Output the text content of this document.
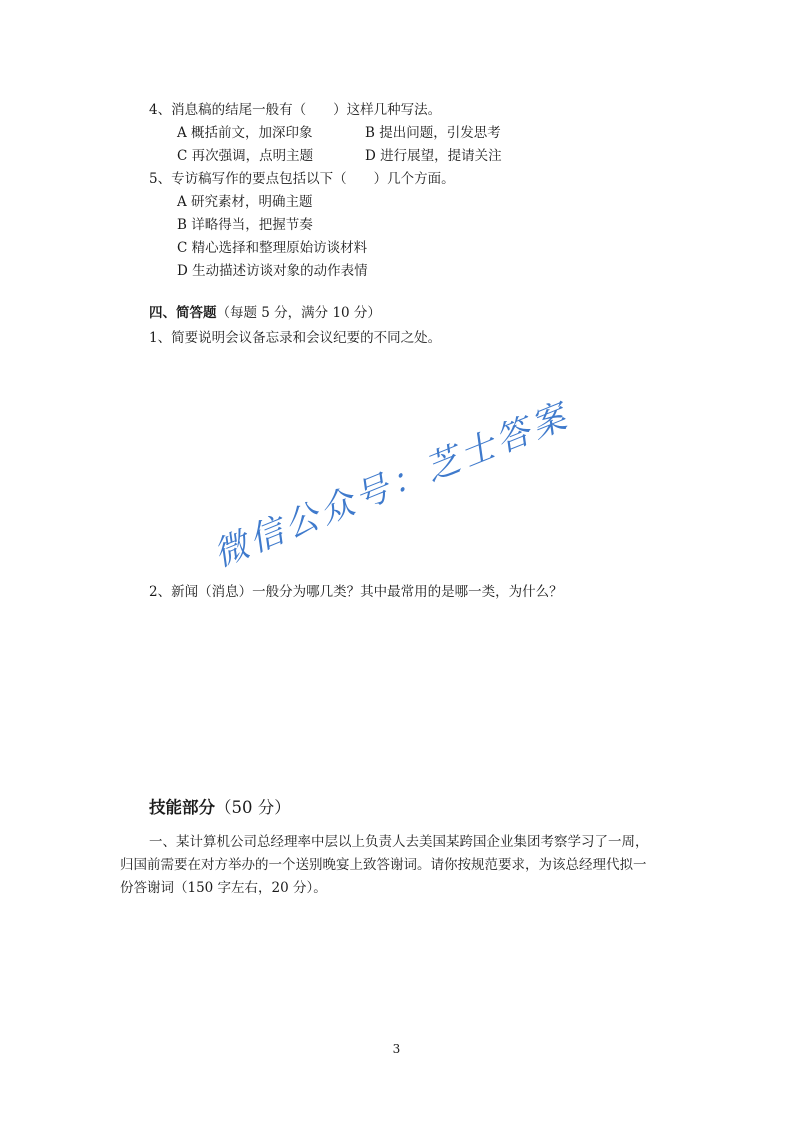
4、消息稿的结尾一般有（　　）这样几种写法。
A 概括前文，加深印象	B 提出问题，引发思考
C 再次强调，点明主题	D 进行展望，提请关注
5、专访稿写作的要点包括以下（　　）几个方面。
A 研究素材，明确主题
B 详略得当，把握节奏
C 精心选择和整理原始访谈材料
D 生动描述访谈对象的动作表情
四、简答题（每题 5 分，满分 10 分）
1、简要说明会议备忘录和会议纪要的不同之处。
2、新闻（消息）一般分为哪几类？其中最常用的是哪一类，为什么？
微信公众号：芝士答案
技能部分（50 分）
一、某计算机公司总经理率中层以上负责人去美国某跨国企业集团考察学习了一周，
归国前需要在对方举办的一个送别晚宴上致答谢词。请你按规范要求，为该总经理代拟一
份答谢词（150 字左右，20 分）。
3
